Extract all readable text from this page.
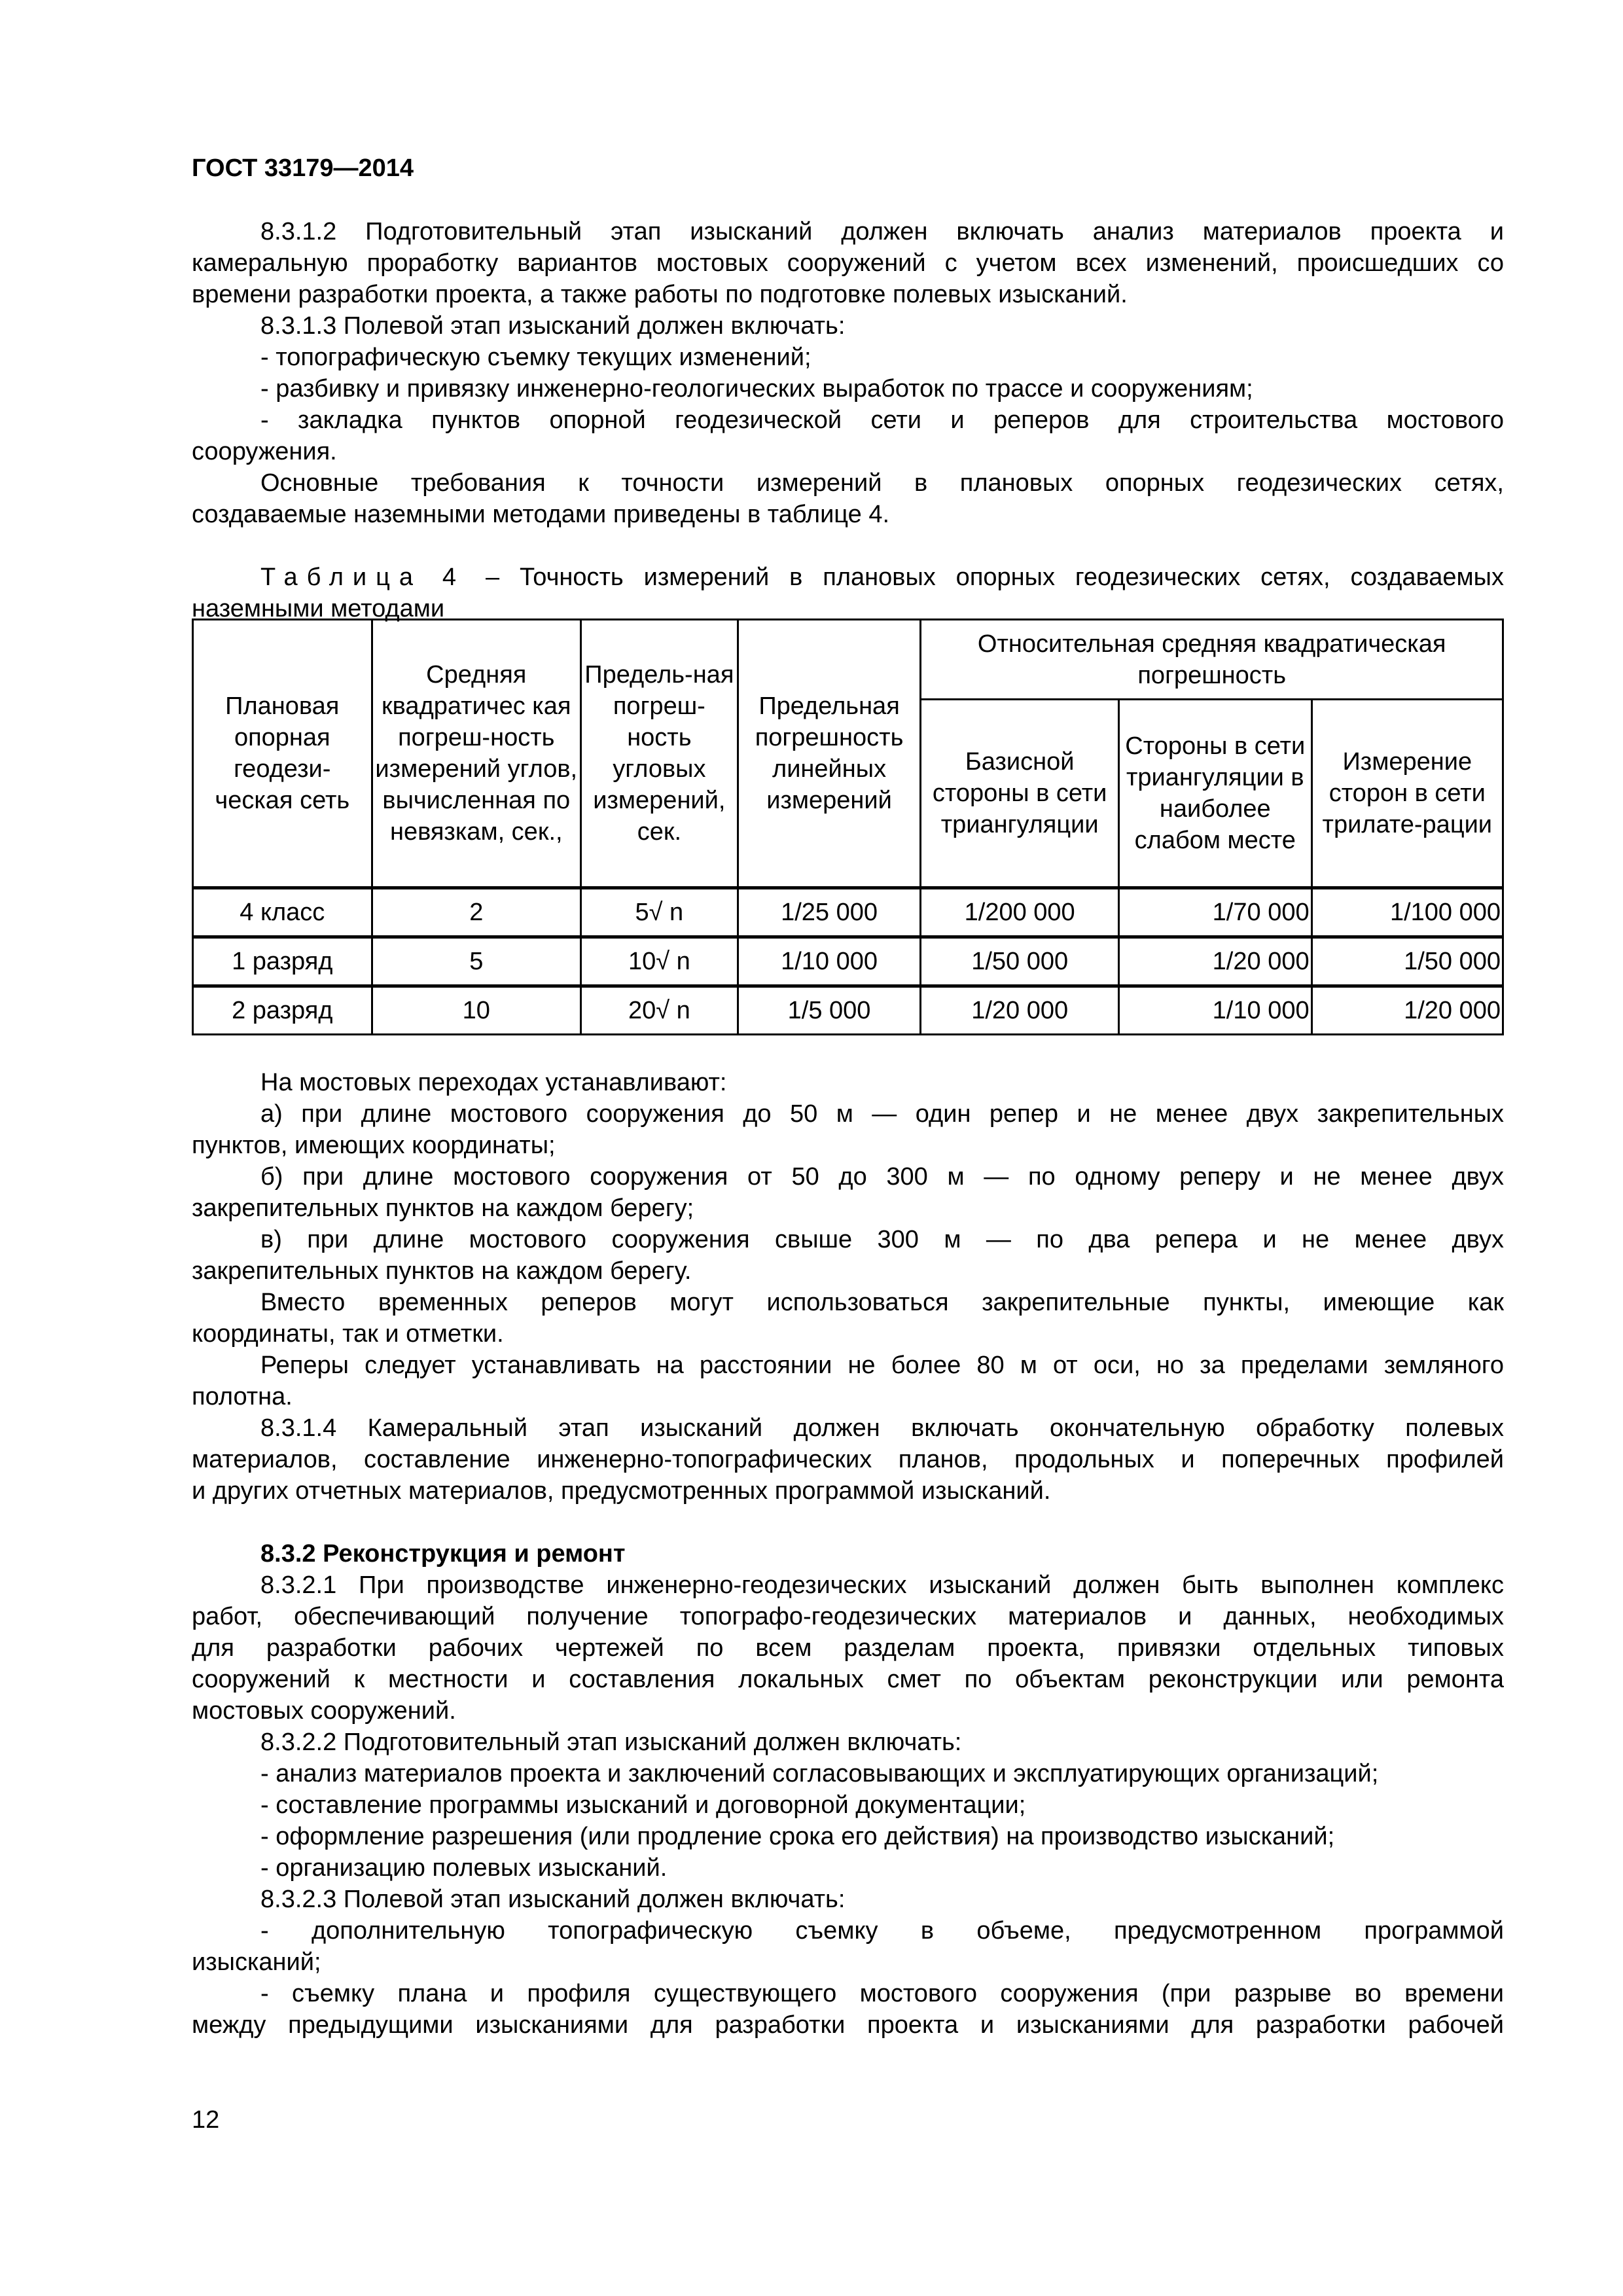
ГОСТ 33179—2014

8.3.1.2 Подготовительный этап изысканий должен включать анализ материалов проекта и

камеральную проработку вариантов мостовых сооружений с учетом всех изменений, происшедших со

времени разработки проекта, а также работы по подготовке полевых изысканий.

8.3.1.3 Полевой этап изысканий должен включать:

- топографическую съемку текущих изменений;

- разбивку и привязку инженерно-геологических выработок по трассе и сооружениям;

- закладка пунктов опорной геодезической сети и реперов для строительства мостового

сооружения.

Основные требования к точности измерений в плановых опорных геодезических сетях,

создаваемые наземными методами приведены в таблице 4.

Таблица 4 – Точность измерений в плановых опорных геодезических сетях, создаваемых

наземными методами

Плановая опорная геодези-ческая сеть	Средняя квадратичес кая погреш-ность измерений углов, вычисленная по невязкам, сек.,	Предель-ная погреш-ность угловых измерений, сек.	Предельная погрешность линейных измерений	Относительная средняя квадратическая погрешность		
				Базисной стороны в сети триангуляции	Стороны в сети триангуляции в наиболее слабом месте	Измерение сторон в сети трилате-рации
4 класс	2	5√ n	1/25 000	1/200 000	1/70 000	1/100 000
1 разряд	5	10√ n	1/10 000	1/50 000	1/20 000	1/50 000
2 разряд	10	20√ n	1/5 000	1/20 000	1/10 000	1/20 000

На мостовых переходах устанавливают:

а) при длине мостового сооружения до 50 м — один репер и не менее двух закрепительных

пунктов, имеющих координаты;

б) при длине мостового сооружения от 50 до 300 м — по одному реперу и не менее двух

закрепительных пунктов на каждом берегу;

в) при длине мостового сооружения свыше 300 м — по два репера и не менее двух

закрепительных пунктов на каждом берегу.

Вместо временных реперов могут использоваться закрепительные пункты, имеющие как

координаты, так и отметки.

Реперы следует устанавливать на расстоянии не более 80 м от оси, но за пределами земляного

полотна.

8.3.1.4 Камеральный этап изысканий должен включать окончательную обработку полевых

материалов, составление инженерно-топографических планов, продольных и поперечных профилей

и других отчетных материалов, предусмотренных программой изысканий.

8.3.2 Реконструкция и ремонт

8.3.2.1 При производстве инженерно-геодезических изысканий должен быть выполнен комплекс

работ, обеспечивающий получение топографо-геодезических материалов и данных, необходимых

для разработки рабочих чертежей по всем разделам проекта, привязки отдельных типовых

сооружений к местности и составления локальных смет по объектам реконструкции или ремонта

мостовых сооружений.

8.3.2.2 Подготовительный этап изысканий должен включать:

- анализ материалов проекта и заключений согласовывающих и эксплуатирующих организаций;

- составление программы изысканий и договорной документации;

- оформление разрешения (или продление срока его действия) на производство изысканий;

- организацию полевых изысканий.

8.3.2.3 Полевой этап изысканий должен включать:

- дополнительную топографическую съемку в объеме, предусмотренном программой

изысканий;

- съемку плана и профиля существующего мостового сооружения (при разрыве во времени

между предыдущими изысканиями для разработки проекта и изысканиями для разработки рабочей

12
